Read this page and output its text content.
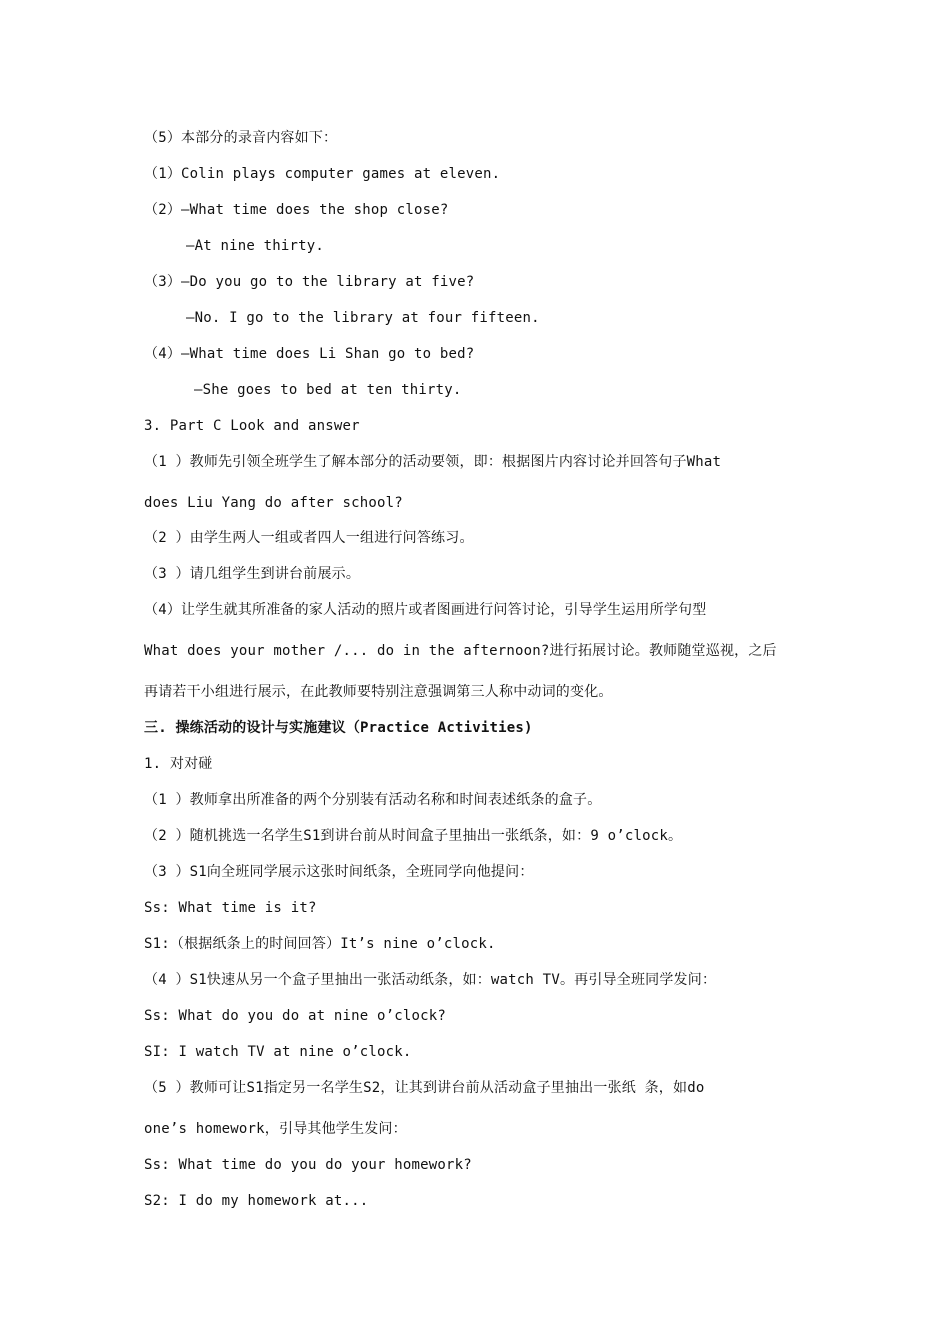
（5）本部分的录音内容如下：
（1）Colin plays computer games at eleven.
（2）—What time does the shop close?
—At nine thirty.
（3）—Do you go to the library at five?
—No. I go to the library at four fifteen.
（4）—What time does Li Shan go to bed?
—She goes to bed at ten thirty.
3. Part C Look and answer
（1 ）教师先引领全班学生了解本部分的活动要领，即：根据图片内容讨论并回答句子What
does Liu Yang do after school?
（2 ）由学生两人一组或者四人一组进行问答练习。
（3 ）请几组学生到讲台前展示。
（4）让学生就其所准备的家人活动的照片或者图画进行问答讨论，引导学生运用所学句型
What does your mother /... do in the afternoon?进行拓展讨论。教师随堂巡视，之后
再请若干小组进行展示，在此教师要特别注意强调第三人称中动词的变化。
三. 操练活动的设计与实施建议（Practice Activities)
1. 对对碰
（1 ）教师拿出所准备的两个分别装有活动名称和时间表述纸条的盒子。
（2 ）随机挑选一名学生S1到讲台前从时间盒子里抽出一张纸条，如：9 o’clock。
（3 ）S1向全班同学展示这张时间纸条，全班同学向他提问：
Ss: What time is it?
S1:（根据纸条上的时间回答）It’s nine o’clock.
（4 ）S1快速从另一个盒子里抽出一张活动纸条，如：watch TV。再引导全班同学发问：
Ss: What do you do at nine o’clock?
SI: I watch TV at nine o’clock.
（5 ）教师可让S1指定另一名学生S2，让其到讲台前从活动盒子里抽出一张纸 条，如do
one’s homework，引导其他学生发问：
Ss: What time do you do your homework?
S2: I do my homework at...
